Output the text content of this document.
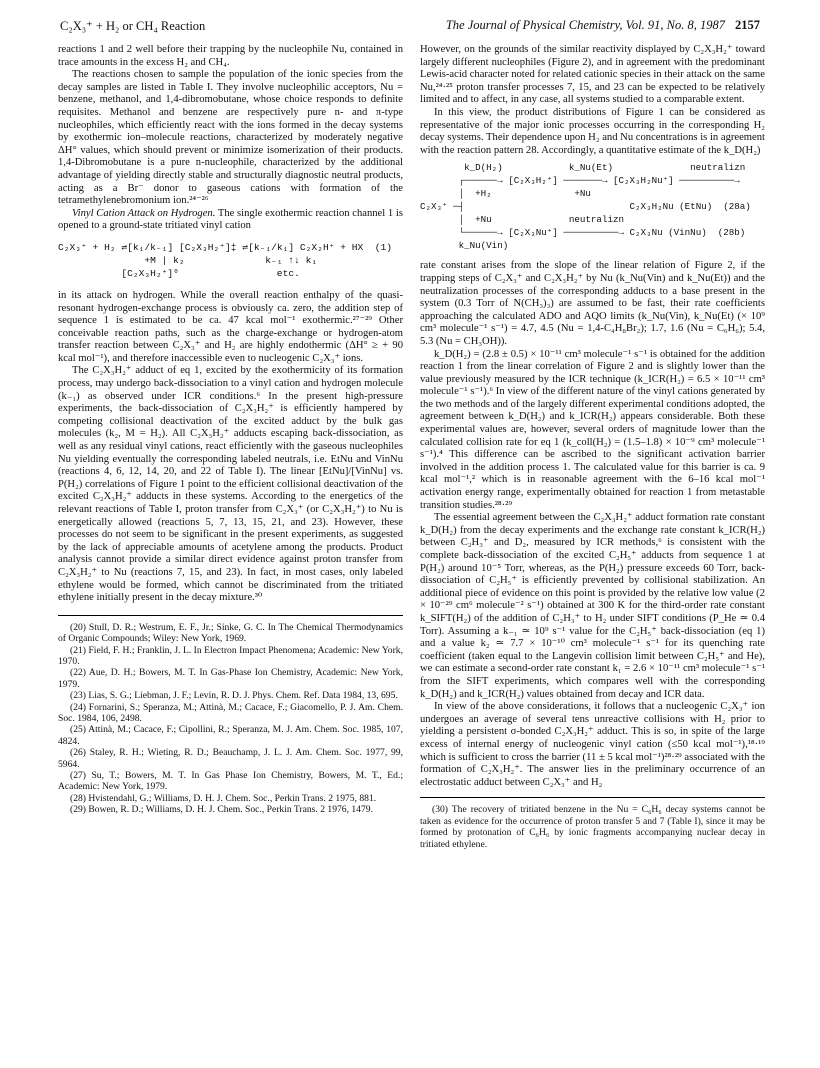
C₂X₃⁺ + H₂ or CH₄ Reaction	The Journal of Physical Chemistry, Vol. 91, No. 8, 1987 2157

reactions 1 and 2 well before their trapping by the nucleophile Nu, contained in trace amounts in the excess H₂ and CH₄.

The reactions chosen to sample the population of the ionic species from the decay samples are listed in Table I. They involve nucleophilic acceptors, Nu = benzene, methanol, and 1,4-dibromobutane, whose choice responds to definite requisites. Methanol and benzene are respectively pure n- and π-type nucleophiles, which efficiently react with the ions formed in the decay systems by exothermic ion–molecule reactions, characterized by moderately negative ΔH° values, which should prevent or minimize isomerization of their products. 1,4-Dibromobutane is a pure n-nucleophile, characterized by the additional advantage of yielding directly stable and structurally diagnostic neutral products, acting as a Br⁻ donor to gaseous cations with formation of the tetramethylenebromonium ion.²⁴⁻²⁶

Vinyl Cation Attack on Hydrogen. The single exothermic reaction channel 1 is opened to a ground-state tritiated vinyl cation

C₂X₃⁺ + H₂ ⇌[k₁/k₋₁] [C₂X₃H₂⁺]‡ ⇌[k₋₁/k₁] C₂X₂H⁺ + HX  (1)
+M | k₂              k₋₁ ↑↓ k₁
[C₂X₃H₂⁺]⁰                 etc.

in its attack on hydrogen. While the overall reaction enthalpy of the quasi-resonant hydrogen-exchange process is obviously ca. zero, the addition step of sequence 1 is estimated to be ca. 47 kcal mol⁻¹ exothermic.²⁷⁻²⁹ Other conceivable reaction paths, such as the charge-exchange or hydrogen-atom transfer reaction between C₂X₃⁺ and H₂ are highly endothermic (ΔH° ≥ + 90 kcal mol⁻¹), and therefore inaccessible even to nucleogenic C₂X₃⁺ ions.

The C₂X₃H₂⁺ adduct of eq 1, excited by the exothermicity of its formation process, may undergo back-dissociation to a vinyl cation and hydrogen molecule (k₋₁) as observed under ICR conditions.⁶ In the present high-pressure experiments, the back-dissociation of C₂X₃H₂⁺ is efficiently hampered by competing collisional deactivation of the excited adduct by the bulk gas molecules (k₂, M = H₂). All C₂X₃H₂⁺ adducts escaping back-dissociation, as well as any residual vinyl cations, react efficiently with the gaseous nucleophiles Nu yielding eventually the corresponding labeled neutrals, i.e. EtNu and VinNu (reactions 4, 6, 12, 14, 20, and 22 of Table I). The linear [EtNu]/[VinNu] vs. P(H₂) correlations of Figure 1 point to the efficient collisional deactivation of the excited C₂X₃H₂⁺ adducts in these systems. According to the energetics of the relevant reactions of Table I, proton transfer from C₂X₃⁺ (or C₂X₃H₂⁺) to Nu is energetically allowed (reactions 5, 7, 13, 15, 21, and 23). However, these processes do not seem to be significant in the present experiments, as suggested by the lack of appreciable amounts of acetylene among the products. Product analysis cannot provide a similar direct evidence against proton transfer from C₂X₃H₂⁺ to Nu (reactions 7, 15, and 23). In fact, in most cases, only labeled ethylene would be formed, which cannot be discriminated from the tritiated ethylene initially present in the decay mixture.³⁰

(20) Stull, D. R.; Westrum, E. F., Jr.; Sinke, G. C. In The Chemical Thermodynamics of Organic Compounds; Wiley: New York, 1969.
(21) Field, F. H.; Franklin, J. L. In Electron Impact Phenomena; Academic: New York, 1970.
(22) Aue, D. H.; Bowers, M. T. In Gas-Phase Ion Chemistry, Academic: New York, 1979.
(23) Lias, S. G.; Liebman, J. F.; Levin, R. D. J. Phys. Chem. Ref. Data 1984, 13, 695.
(24) Fornarini, S.; Speranza, M.; Attinà, M.; Cacace, F.; Giacomello, P. J. Am. Chem. Soc. 1984, 106, 2498.
(25) Attinà, M.; Cacace, F.; Cipollini, R.; Speranza, M. J. Am. Chem. Soc. 1985, 107, 4824.
(26) Staley, R. H.; Wieting, R. D.; Beauchamp, J. L. J. Am. Chem. Soc. 1977, 99, 5964.
(27) Su, T.; Bowers, M. T. In Gas Phase Ion Chemistry, Bowers, M. T., Ed.; Academic: New York, 1979.
(28) Hvistendahl, G.; Williams, D. H. J. Chem. Soc., Perkin Trans. 2 1975, 881.
(29) Bowen, R. D.; Williams, D. H. J. Chem. Soc., Perkin Trans. 2 1976, 1479.

However, on the grounds of the similar reactivity displayed by C₂X₃H₂⁺ toward largely different nucleophiles (Figure 2), and in agreement with the predominant Lewis-acid character noted for related cationic species in their attack on the same Nu,²⁴·²⁵ proton transfer processes 7, 15, and 23 can be expected to be relatively limited and to affect, in any case, all systems studied to a comparable extent.

In this view, the product distributions of Figure 1 can be considered as representative of the major ionic processes occurring in the corresponding H₂ decay systems. Their dependence upon H₂ and Nu concentrations is in agreement with the reaction pattern 28. Accordingly, a quantitative estimate of the k_D(H₂)

k_D(H₂)            k_Nu(Et)              neutralizn
┌──────→ [C₂X₃H₂⁺] ───────→ [C₂X₃H₂Nu⁺] ──────────→
│  +H₂               +Nu
C₂X₃⁺ ─┤                              C₂X₃H₂Nu (EtNu)  (28a)
│  +Nu              neutralizn
└──────→ [C₂X₃Nu⁺] ──────────→ C₂X₃Nu (VinNu)  (28b)
k_Nu(Vin)

rate constant arises from the slope of the linear relation of Figure 2, if the trapping steps of C₂X₃⁺ and C₂X₃H₂⁺ by Nu (k_Nu(Vin) and k_Nu(Et)) and the neutralization processes of the corresponding adducts to a base present in the system (0.3 Torr of N(CH₃)₃) are assumed to be fast, their rate coefficients approaching the calculated ADO and AQO limits (k_Nu(Vin), k_Nu(Et) (× 10⁹ cm³ molecule⁻¹ s⁻¹) = 4.7, 4.5 (Nu = 1,4-C₄H₈Br₂); 1.7, 1.6 (Nu = C₆H₆); 5.4, 5.3 (Nu = CH₃OH)).

k_D(H₂) = (2.8 ± 0.5) × 10⁻¹¹ cm³ molecule⁻¹ s⁻¹ is obtained for the addition reaction 1 from the linear correlation of Figure 2 and is slightly lower than the value previously measured by the ICR technique (k_ICR(H₂) = 6.5 × 10⁻¹¹ cm³ molecule⁻¹ s⁻¹).⁶ In view of the different nature of the vinyl cations generated by the two methods and of the largely different experimental conditions adopted, the agreement between k_D(H₂) and k_ICR(H₂) appears considerable. Both these experimental values are, however, several orders of magnitude lower than the calculated collision rate for eq 1 (k_coll(H₂) = (1.5–1.8) × 10⁻⁹ cm³ molecule⁻¹ s⁻¹).⁴ This difference can be ascribed to the significant activation barrier involved in the addition process 1. The calculated value for this barrier is ca. 9 kcal mol⁻¹,² which is in reasonable agreement with the 6–16 kcal mol⁻¹ activation energy range, experimentally obtained for reaction 1 from metastable transition studies.²⁸·²⁹

The essential agreement between the C₂X₃H₂⁺ adduct formation rate constant k_D(H₂) from the decay experiments and the exchange rate constant k_ICR(H₂) between C₂H₃⁺ and D₂, measured by ICR methods,⁶ is consistent with the complete back-dissociation of the excited C₂H₅⁺ adducts from sequence 1 at P(H₂) around 10⁻⁵ Torr, whereas, as the P(H₂) pressure exceeds 60 Torr, back-dissociation of C₂H₅⁺ is efficiently prevented by collisional stabilization. An additional piece of evidence on this point is provided by the relative low value (2 × 10⁻²⁹ cm⁶ molecule⁻² s⁻¹) obtained at 300 K for the third-order rate constant k_SIFT(H₂) of the addition of C₂H₃⁺ to H₂ under SIFT conditions (P_He ≃ 0.4 Torr). Assuming a k₋₁ ≃ 10⁹ s⁻¹ value for the C₂H₅⁺ back-dissociation (eq 1) and a value k₂ ≃ 7.7 × 10⁻¹⁰ cm³ molecule⁻¹ s⁻¹ for its quenching rate coefficient (taken equal to the Langevin collision limit between C₂H₅⁺ and He), we can estimate a second-order rate constant k₁ = 2.6 × 10⁻¹¹ cm³ molecule⁻¹ s⁻¹ from the SIFT experiments, which compares well with the corresponding k_D(H₂) and k_ICR(H₂) values obtained from decay and ICR data.

In view of the above considerations, it follows that a nucleogenic C₂X₃⁺ ion undergoes an average of several tens unreactive collisions with H₂ prior to yielding a persistent σ-bonded C₂X₃H₂⁺ adduct. This is so, in spite of the large excess of internal energy of nucleogenic vinyl cation (≤50 kcal mol⁻¹),¹⁸·¹⁹ which is sufficient to cross the barrier (11 ± 5 kcal mol⁻¹)²⁸·²⁹ associated with the formation of C₂X₃H₂⁺. The answer lies in the preliminary occurrence of an electrostatic adduct between C₂X₃⁺ and H₂

(30) The recovery of tritiated benzene in the Nu = C₆H₆ decay systems cannot be taken as evidence for the occurrence of proton transfer 5 and 7 (Table I), since it may be formed by protonation of C₆H₆ by ionic fragments accompanying nuclear decay in tritiated ethylene.
